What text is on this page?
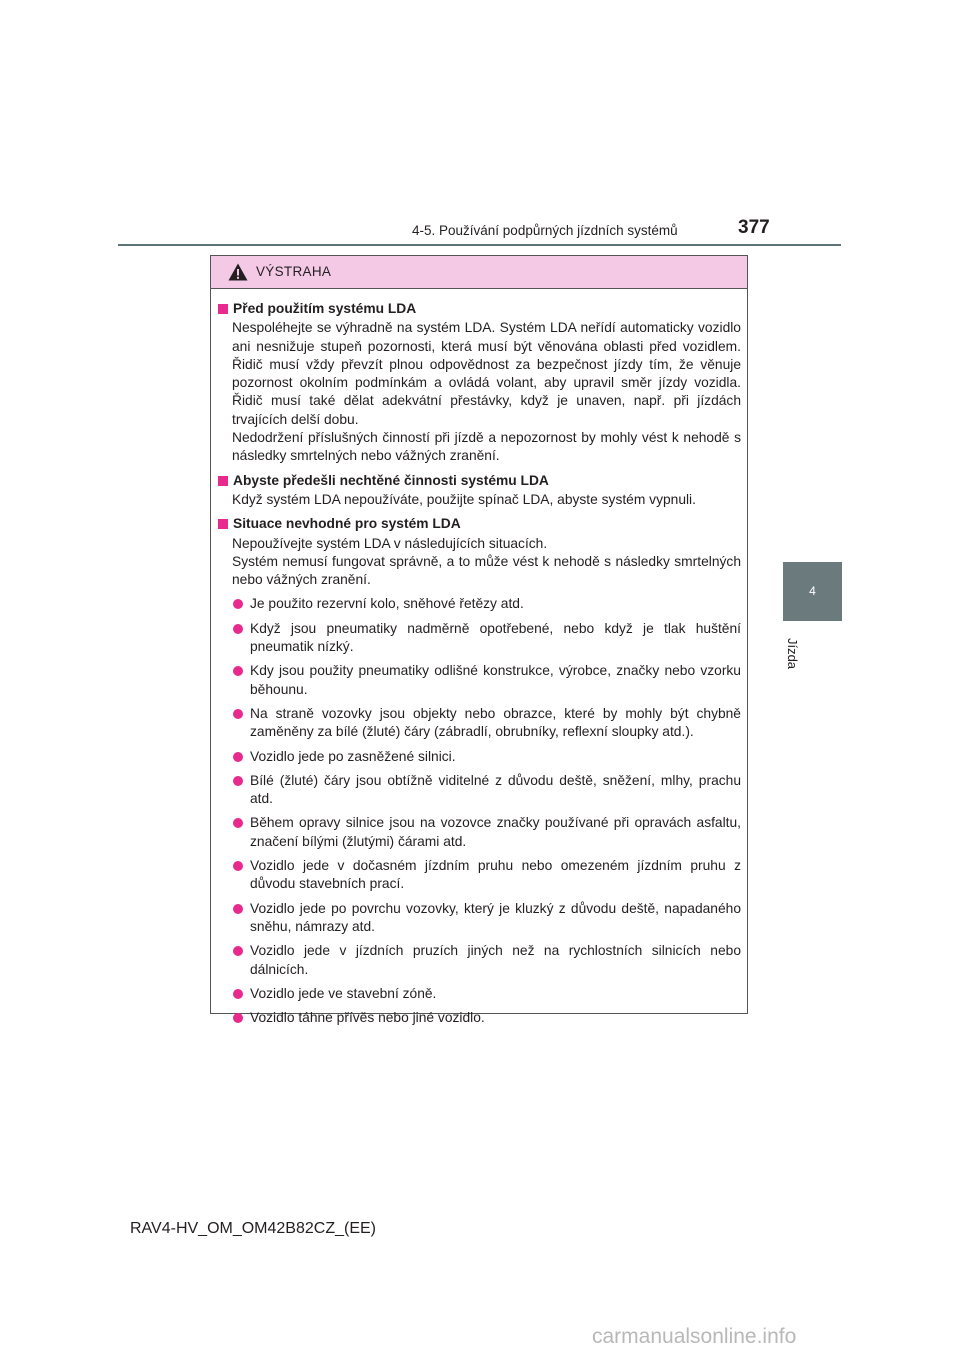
4-5. Používání podpůrných jízdních systémů	377
4
Jízda
VÝSTRAHA
Před použitím systému LDA
Nespoléhejte se výhradně na systém LDA. Systém LDA neřídí automaticky vozidlo ani nesnižuje stupeň pozornosti, která musí být věnována oblasti před vozidlem. Řidič musí vždy převzít plnou odpovědnost za bezpečnost jízdy tím, že věnuje pozornost okolním podmínkám a ovládá volant, aby upravil směr jízdy vozidla. Řidič musí také dělat adekvátní přestávky, když je unaven, např. při jízdách trvajících delší dobu.
Nedodržení příslušných činností při jízdě a nepozornost by mohly vést k nehodě s následky smrtelných nebo vážných zranění.
Abyste předešli nechtěné činnosti systému LDA
Když systém LDA nepoužíváte, použijte spínač LDA, abyste systém vypnuli.
Situace nevhodné pro systém LDA
Nepoužívejte systém LDA v následujících situacích.
Systém nemusí fungovat správně, a to může vést k nehodě s následky smrtelných nebo vážných zranění.
Je použito rezervní kolo, sněhové řetězy atd.
Když jsou pneumatiky nadměrně opotřebené, nebo když je tlak huštění pneumatik nízký.
Kdy jsou použity pneumatiky odlišné konstrukce, výrobce, značky nebo vzorku běhounu.
Na straně vozovky jsou objekty nebo obrazce, které by mohly být chybně zaměněny za bílé (žluté) čáry (zábradlí, obrubníky, reflexní sloupky atd.).
Vozidlo jede po zasněžené silnici.
Bílé (žluté) čáry jsou obtížně viditelné z důvodu deště, sněžení, mlhy, prachu atd.
Během opravy silnice jsou na vozovce značky používané při opravách asfaltu, značení bílými (žlutými) čárami atd.
Vozidlo jede v dočasném jízdním pruhu nebo omezeném jízdním pruhu z důvodu stavebních prací.
Vozidlo jede po povrchu vozovky, který je kluzký z důvodu deště, napadaného sněhu, námrazy atd.
Vozidlo jede v jízdních pruzích jiných než na rychlostních silnicích nebo dálnicích.
Vozidlo jede ve stavební zóně.
Vozidlo táhne přívěs nebo jiné vozidlo.
RAV4-HV_OM_OM42B82CZ_(EE)
carmanualsonline.info
